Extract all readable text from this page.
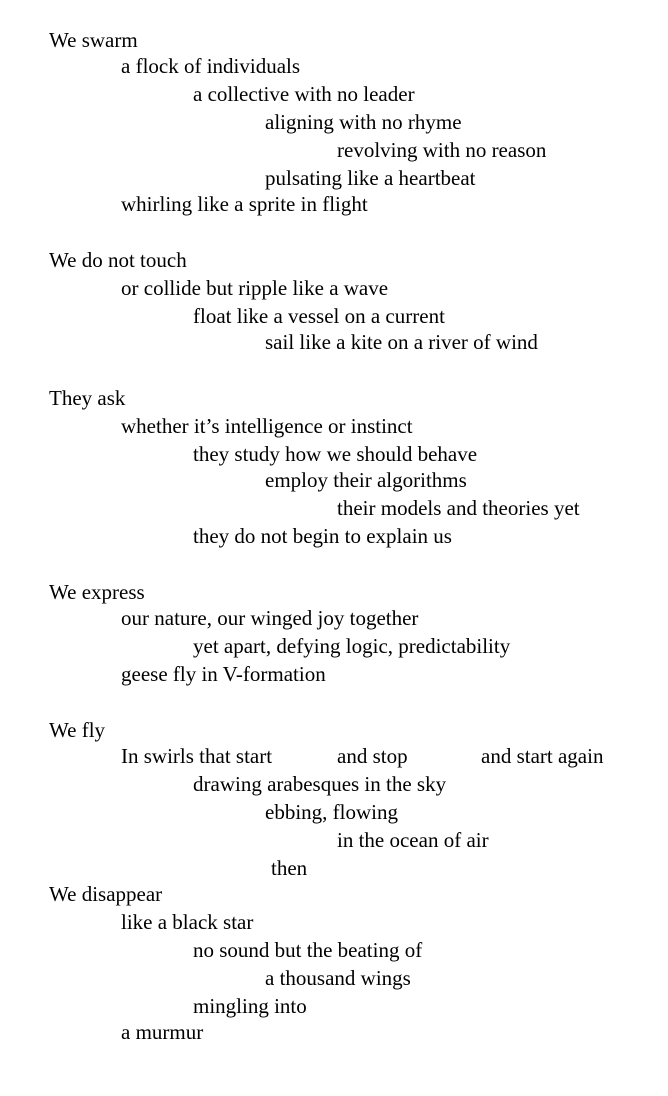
We swarm
a flock of individuals
a collective with no leader
aligning with no rhyme
revolving with no reason
pulsating like a heartbeat
whirling like a sprite in flight
We do not touch
or collide but ripple like a wave
float like a vessel on a current
sail like a kite on a river of wind
They ask
whether it’s intelligence or instinct
they study how we should behave
employ their algorithms
their models and theories yet
they do not begin to explain us
We express
our nature, our winged joy together
yet apart, defying logic, predictability
geese fly in V-formation
We fly
In swirls that start	and stop	and start again
drawing arabesques in the sky
ebbing, flowing
in the ocean of air
then
We disappear
like a black star
no sound but the beating of
a thousand wings
mingling into
a murmur
